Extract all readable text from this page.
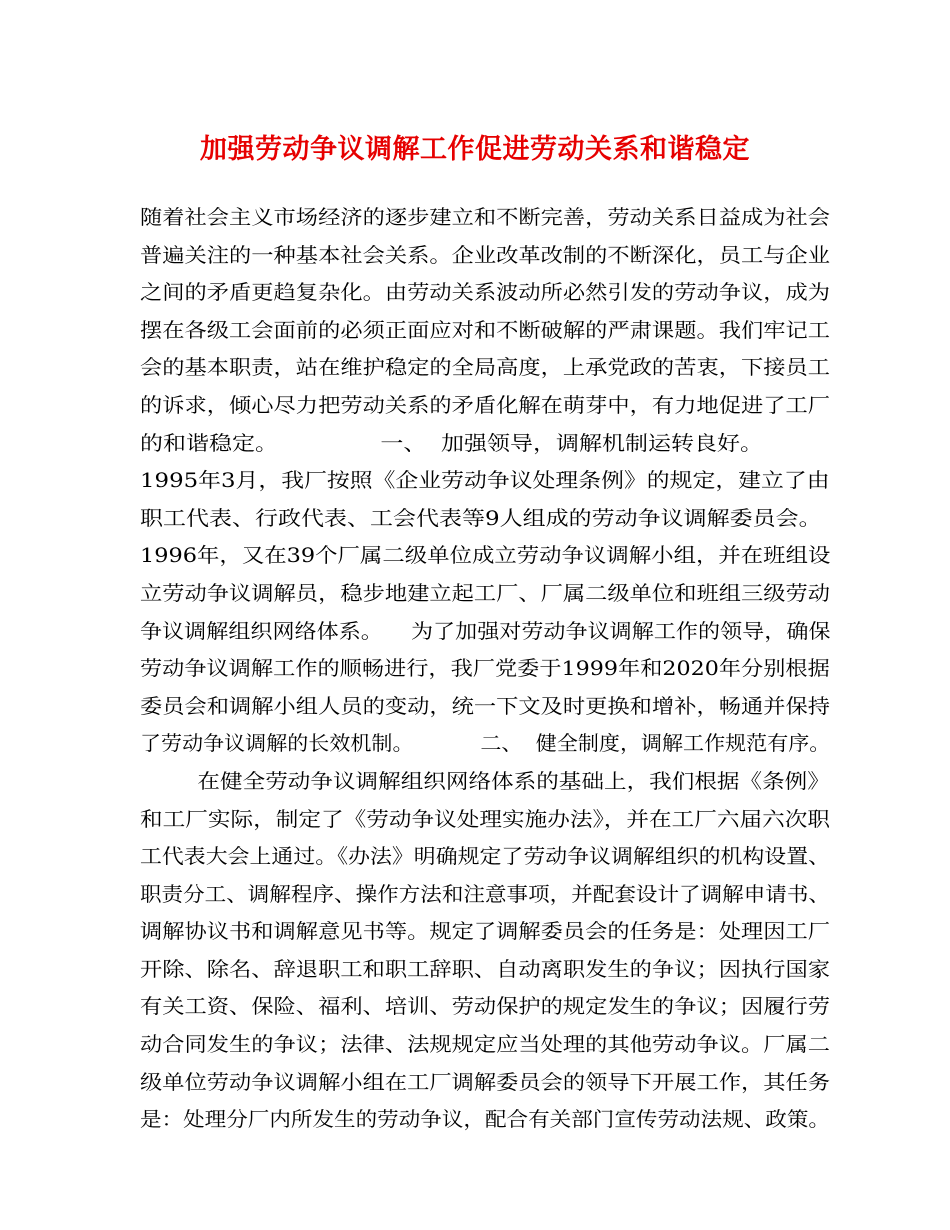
加强劳动争议调解工作促进劳动关系和谐稳定
随着社会主义市场经济的逐步建立和不断完善，劳动关系日益成为社会
普遍关注的一种基本社会关系。企业改革改制的不断深化，员工与企业
之间的矛盾更趋复杂化。由劳动关系波动所必然引发的劳动争议，成为
摆在各级工会面前的必须正面应对和不断破解的严肃课题。我们牢记工
会的基本职责，站在维护稳定的全局高度，上承党政的苦衷，下接员工
的诉求，倾心尽力把劳动关系的矛盾化解在萌芽中，有力地促进了工厂
的和谐稳定。              一、  加强领导，调解机制运转良好。
1995年3月，我厂按照《企业劳动争议处理条例》的规定，建立了由
职工代表、行政代表、工会代表等9人组成的劳动争议调解委员会。
1996年，又在39个厂属二级单位成立劳动争议调解小组，并在班组设
立劳动争议调解员，稳步地建立起工厂、厂属二级单位和班组三级劳动
争议调解组织网络体系。    为了加强对劳动争议调解工作的领导，确保
劳动争议调解工作的顺畅进行，我厂党委于1999年和2020年分别根据
委员会和调解小组人员的变动，统一下文及时更换和增补，畅通并保持
了劳动争议调解的长效机制。          二、  健全制度，调解工作规范有序。
在健全劳动争议调解组织网络体系的基础上，我们根据《条例》
和工厂实际，制定了《劳动争议处理实施办法》，并在工厂六届六次职
工代表大会上通过。《办法》明确规定了劳动争议调解组织的机构设置、
职责分工、调解程序、操作方法和注意事项，并配套设计了调解申请书、
调解协议书和调解意见书等。规定了调解委员会的任务是：处理因工厂
开除、除名、辞退职工和职工辞职、自动离职发生的争议；因执行国家
有关工资、保险、福利、培训、劳动保护的规定发生的争议；因履行劳
动合同发生的争议；法律、法规规定应当处理的其他劳动争议。厂属二
级单位劳动争议调解小组在工厂调解委员会的领导下开展工作，其任务
是：处理分厂内所发生的劳动争议，配合有关部门宣传劳动法规、政策。
